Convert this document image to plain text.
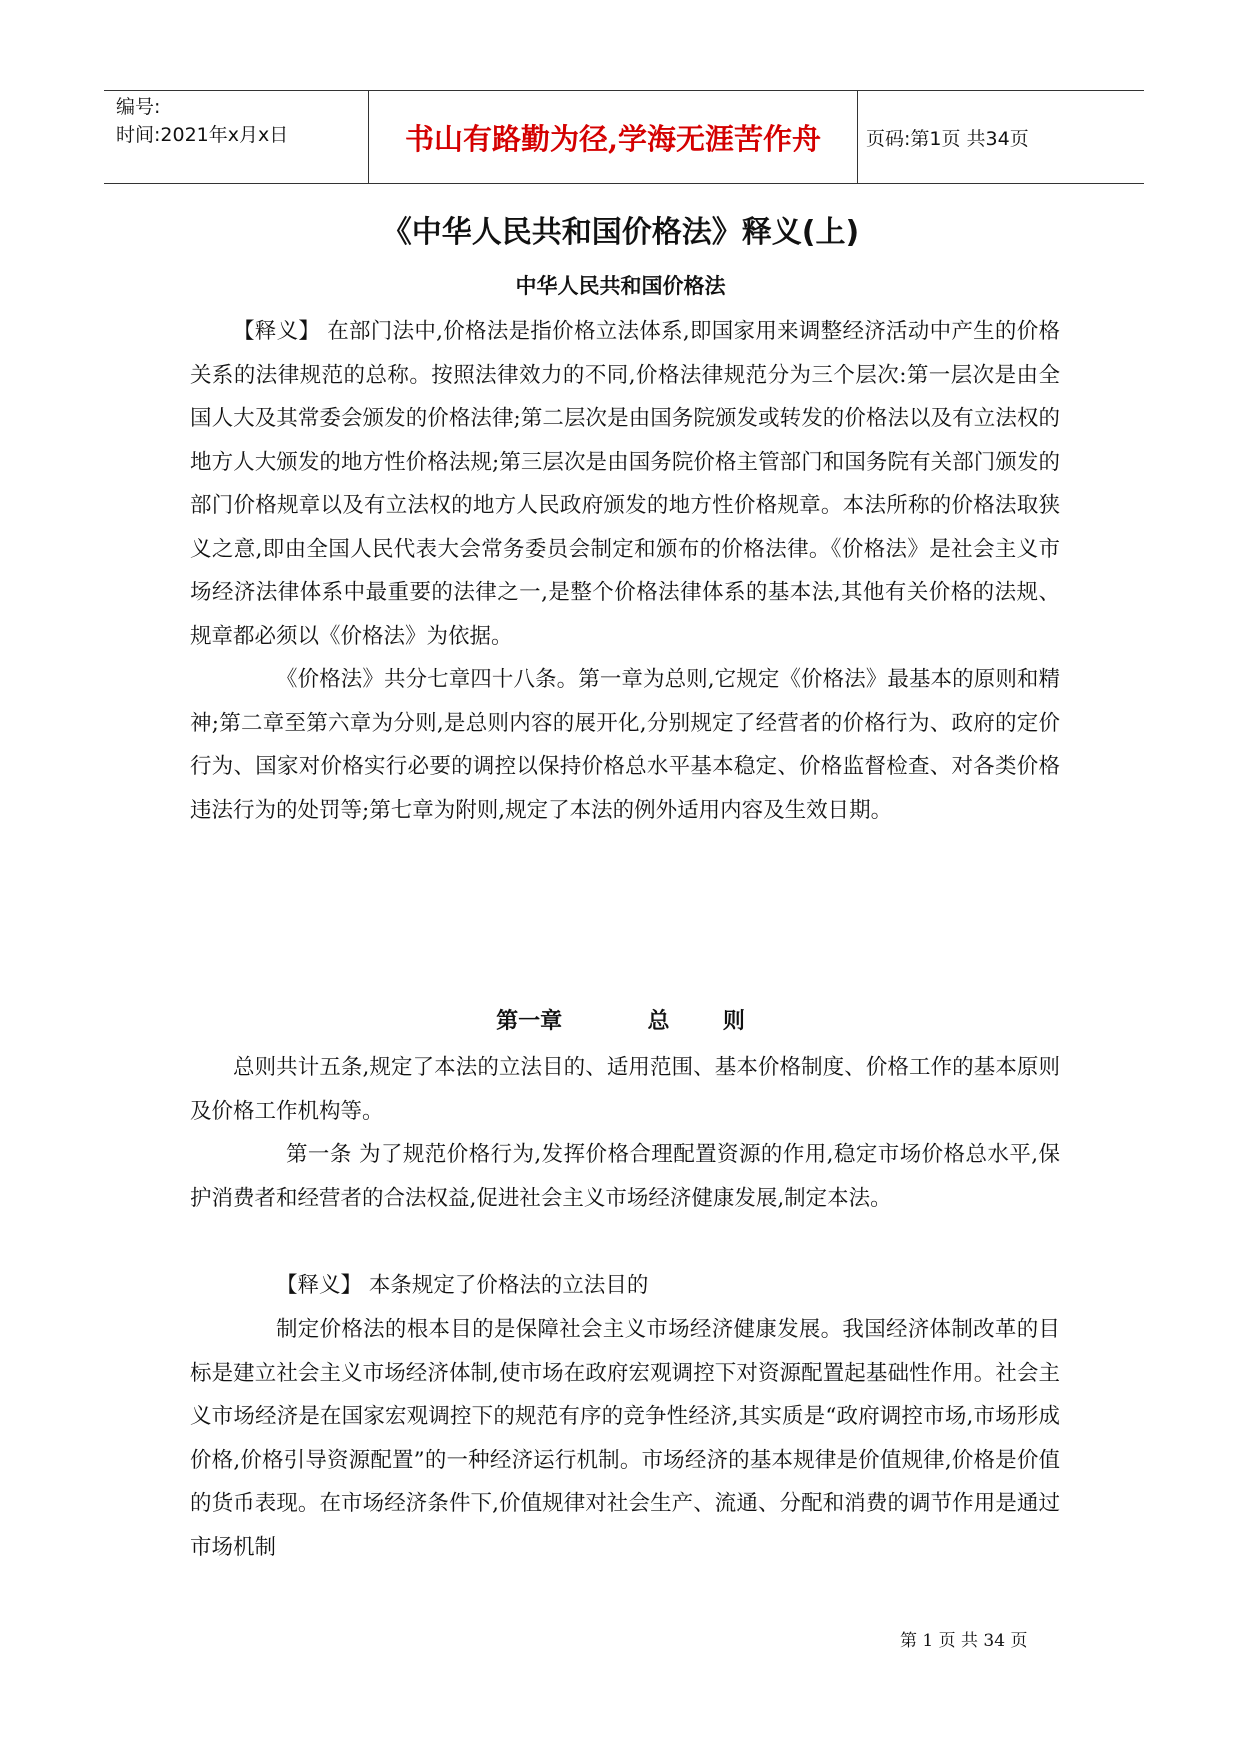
编号:
时间:2021年x月x日	书山有路勤为径,学海无涯苦作舟	页码:第1页 共34页
《中华人民共和国价格法》释义(上)
中华人民共和国价格法
【释义】 在部门法中,价格法是指价格立法体系,即国家用来调整经济活动中产生的价格关系的法律规范的总称。按照法律效力的不同,价格法律规范分为三个层次:第一层次是由全国人大及其常委会颁发的价格法律;第二层次是由国务院颁发或转发的价格法以及有立法权的地方人大颁发的地方性价格法规;第三层次是由国务院价格主管部门和国务院有关部门颁发的部门价格规章以及有立法权的地方人民政府颁发的地方性价格规章。本法所称的价格法取狭义之意,即由全国人民代表大会常务委员会制定和颁布的价格法律。《价格法》是社会主义市场经济法律体系中最重要的法律之一,是整个价格法律体系的基本法,其他有关价格的法规、规章都必须以《价格法》为依据。
《价格法》共分七章四十八条。第一章为总则,它规定《价格法》最基本的原则和精神;第二章至第六章为分则,是总则内容的展开化,分别规定了经营者的价格行为、政府的定价行为、国家对价格实行必要的调控以保持价格总水平基本稳定、价格监督检查、对各类价格违法行为的处罚等;第七章为附则,规定了本法的例外适用内容及生效日期。
第一章	总 则
总则共计五条,规定了本法的立法目的、适用范围、基本价格制度、价格工作的基本原则及价格工作机构等。
第一条 为了规范价格行为,发挥价格合理配置资源的作用,稳定市场价格总水平,保护消费者和经营者的合法权益,促进社会主义市场经济健康发展,制定本法。
【释义】 本条规定了价格法的立法目的
制定价格法的根本目的是保障社会主义市场经济健康发展。我国经济体制改革的目标是建立社会主义市场经济体制,使市场在政府宏观调控下对资源配置起基础性作用。社会主义市场经济是在国家宏观调控下的规范有序的竞争性经济,其实质是“政府调控市场,市场形成价格,价格引导资源配置”的一种经济运行机制。市场经济的基本规律是价值规律,价格是价值的货币表现。在市场经济条件下,价值规律对社会生产、流通、分配和消费的调节作用是通过市场机制
第 1 页 共 34 页
